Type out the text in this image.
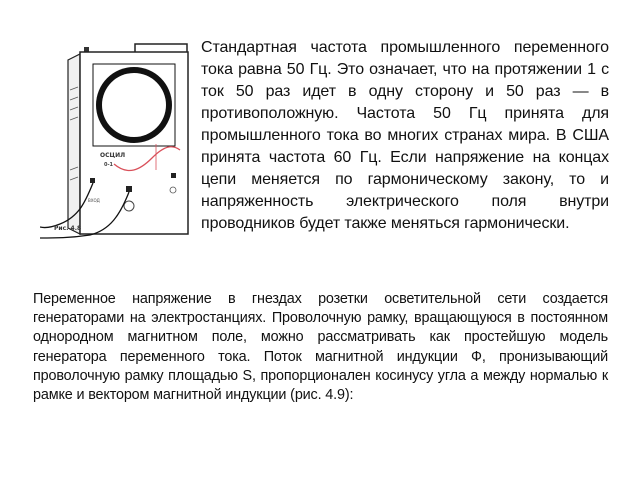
ОСЦИЛ
0-1
ВХОД
Рис. 4.8
Стандартная частота промышленного переменного тока равна 50 Гц. Это означает, что на протяжении 1 с ток 50 раз идет в одну сторону и 50 раз — в противоположную. Частота 50 Гц принята для промышленного тока во многих странах мира. В США принята частота 60 Гц. Если напряжение на концах цепи меняется по гармоническому закону, то и напряженность электрического поля внутри проводников будет также меняться гармонически.
Переменное напряжение в гнездах розетки осветительной сети создается генераторами на электростанциях. Проволочную рамку, вращающуюся в постоянном однородном магнитном поле, можно рассматривать как простейшую модель генератора переменного тока. Поток магнитной индукции Ф, пронизывающий проволочную рамку площадью S, пропорционален косинусу угла а между нормалью к рамке и вектором магнитной индукции (рис. 4.9):
